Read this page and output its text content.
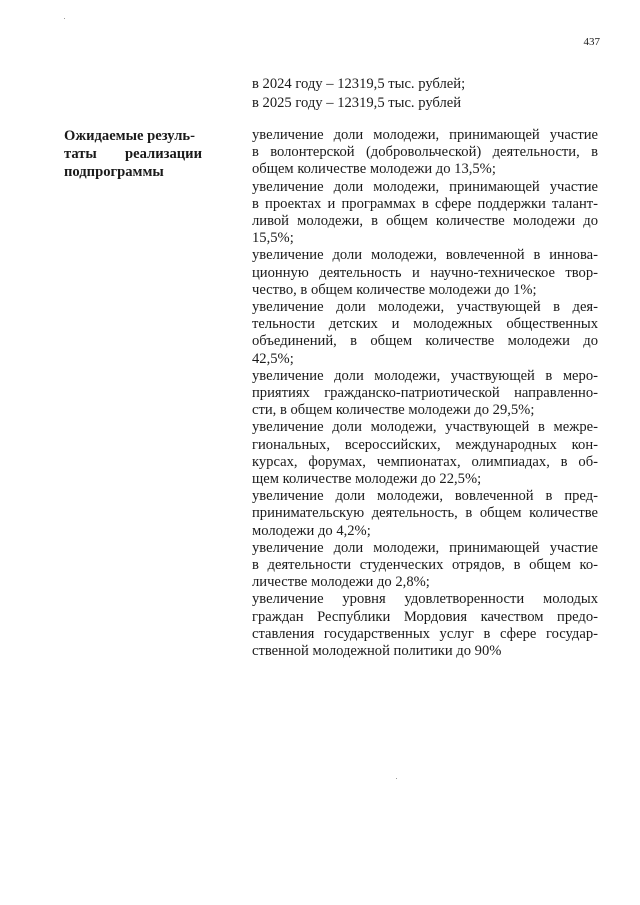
437
в 2024 году – 12319,5 тыс. рублей;
в 2025 году – 12319,5 тыс. рублей
Ожидаемые резуль-
таты реализации
подпрограммы
увеличение доли молодежи, принимающей участие
в волонтерской (добровольческой) деятельности, в
общем количестве молодежи до 13,5%;
увеличение доли молодежи, принимающей участие
в проектах и программах в сфере поддержки талант-
ливой молодежи, в общем количестве молодежи до
15,5%;
увеличение доли молодежи, вовлеченной в иннова-
ционную деятельность и научно-техническое твор-
чество, в общем количестве молодежи до 1%;
увеличение доли молодежи, участвующей в дея-
тельности детских и молодежных общественных
объединений, в общем количестве молодежи до
42,5%;
увеличение доли молодежи, участвующей в меро-
приятиях гражданско-патриотической направленно-
сти, в общем количестве молодежи до 29,5%;
увеличение доли молодежи, участвующей в межре-
гиональных, всероссийских, международных кон-
курсах, форумах, чемпионатах, олимпиадах, в об-
щем количестве молодежи до 22,5%;
увеличение доли молодежи, вовлеченной в пред-
принимательскую деятельность, в общем количестве
молодежи до 4,2%;
увеличение доли молодежи, принимающей участие
в деятельности студенческих отрядов, в общем ко-
личестве молодежи до 2,8%;
увеличение уровня удовлетворенности молодых
граждан Республики Мордовия качеством предо-
ставления государственных услуг в сфере государ-
ственной молодежной политики до 90%
